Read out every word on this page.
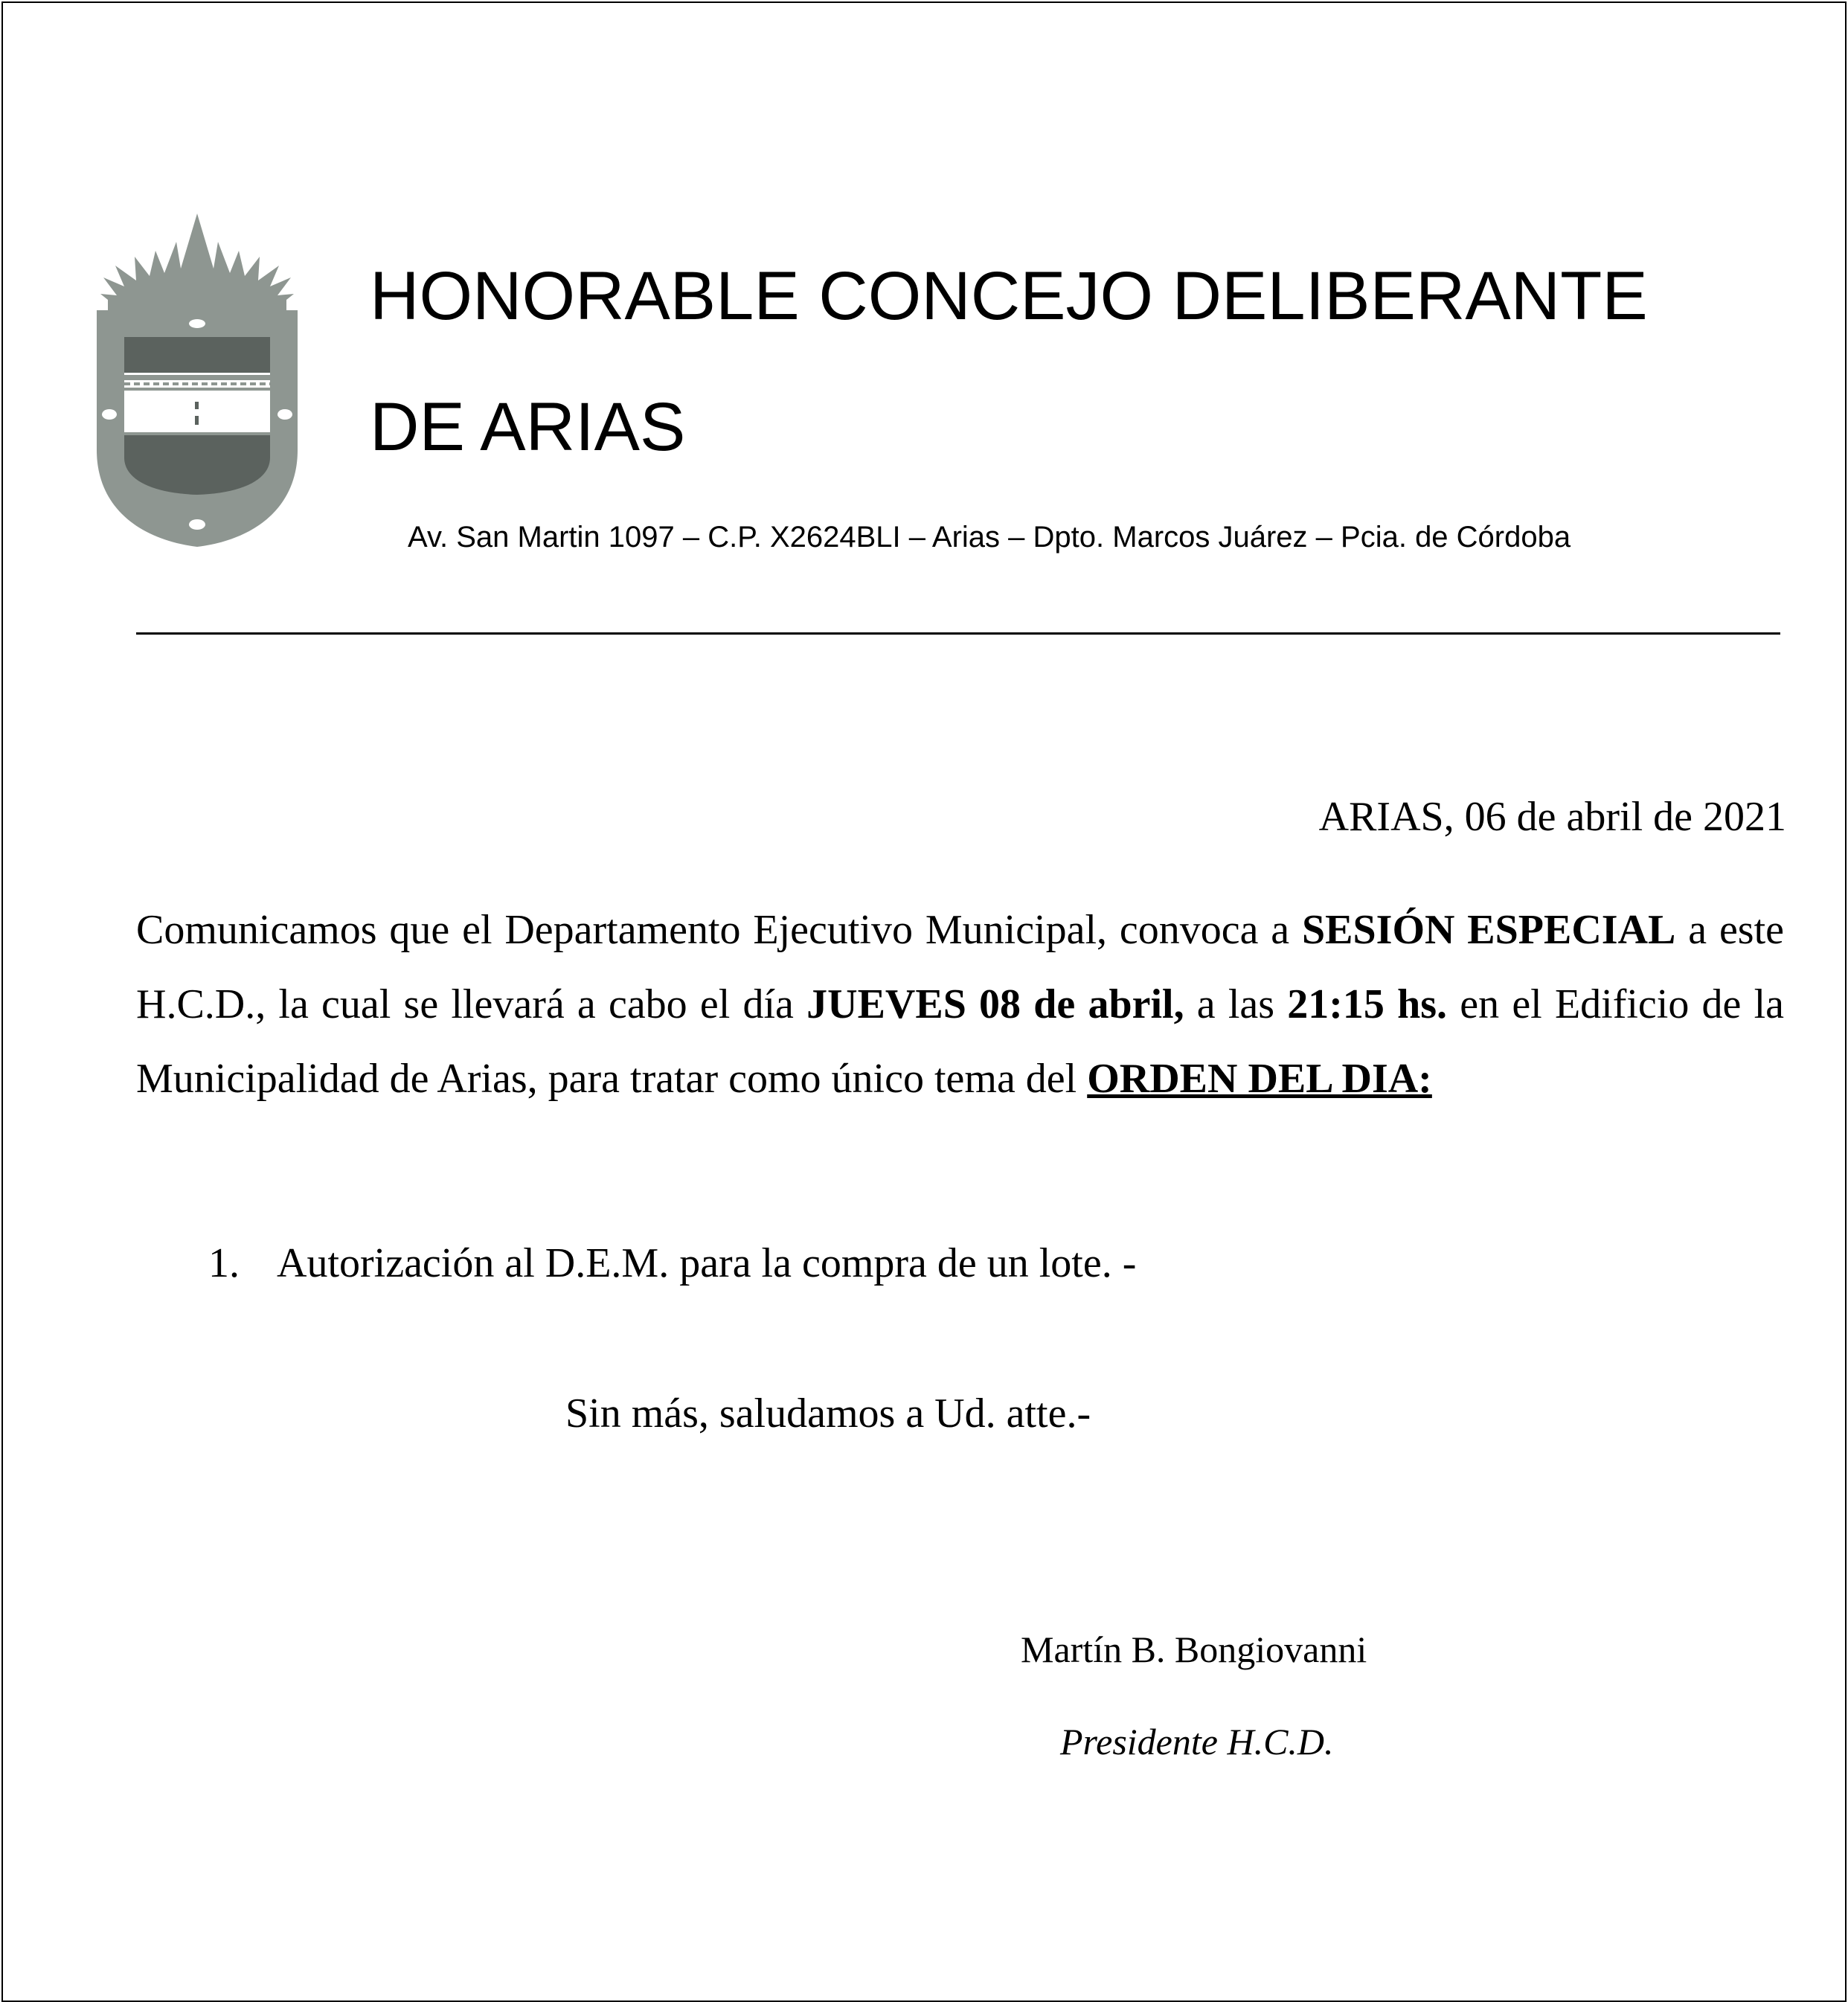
HONORABLE CONCEJO DELIBERANTE
DE ARIAS
Av. San Martin 1097 – C.P. X2624BLI – Arias – Dpto. Marcos Juárez – Pcia. de Córdoba
ARIAS, 06 de abril de 2021
Comunicamos que el Departamento Ejecutivo Municipal, convoca a SESIÓN ESPECIAL a este H.C.D., la cual se llevará a cabo el día JUEVES 08 de abril, a las 21:15 hs. en el Edificio de la Municipalidad de Arias, para tratar como único tema del ORDEN DEL DIA:
1. Autorización al D.E.M. para la compra de un lote. -
Sin más, saludamos a Ud. atte.-
Martín B. Bongiovanni
Presidente H.C.D.
